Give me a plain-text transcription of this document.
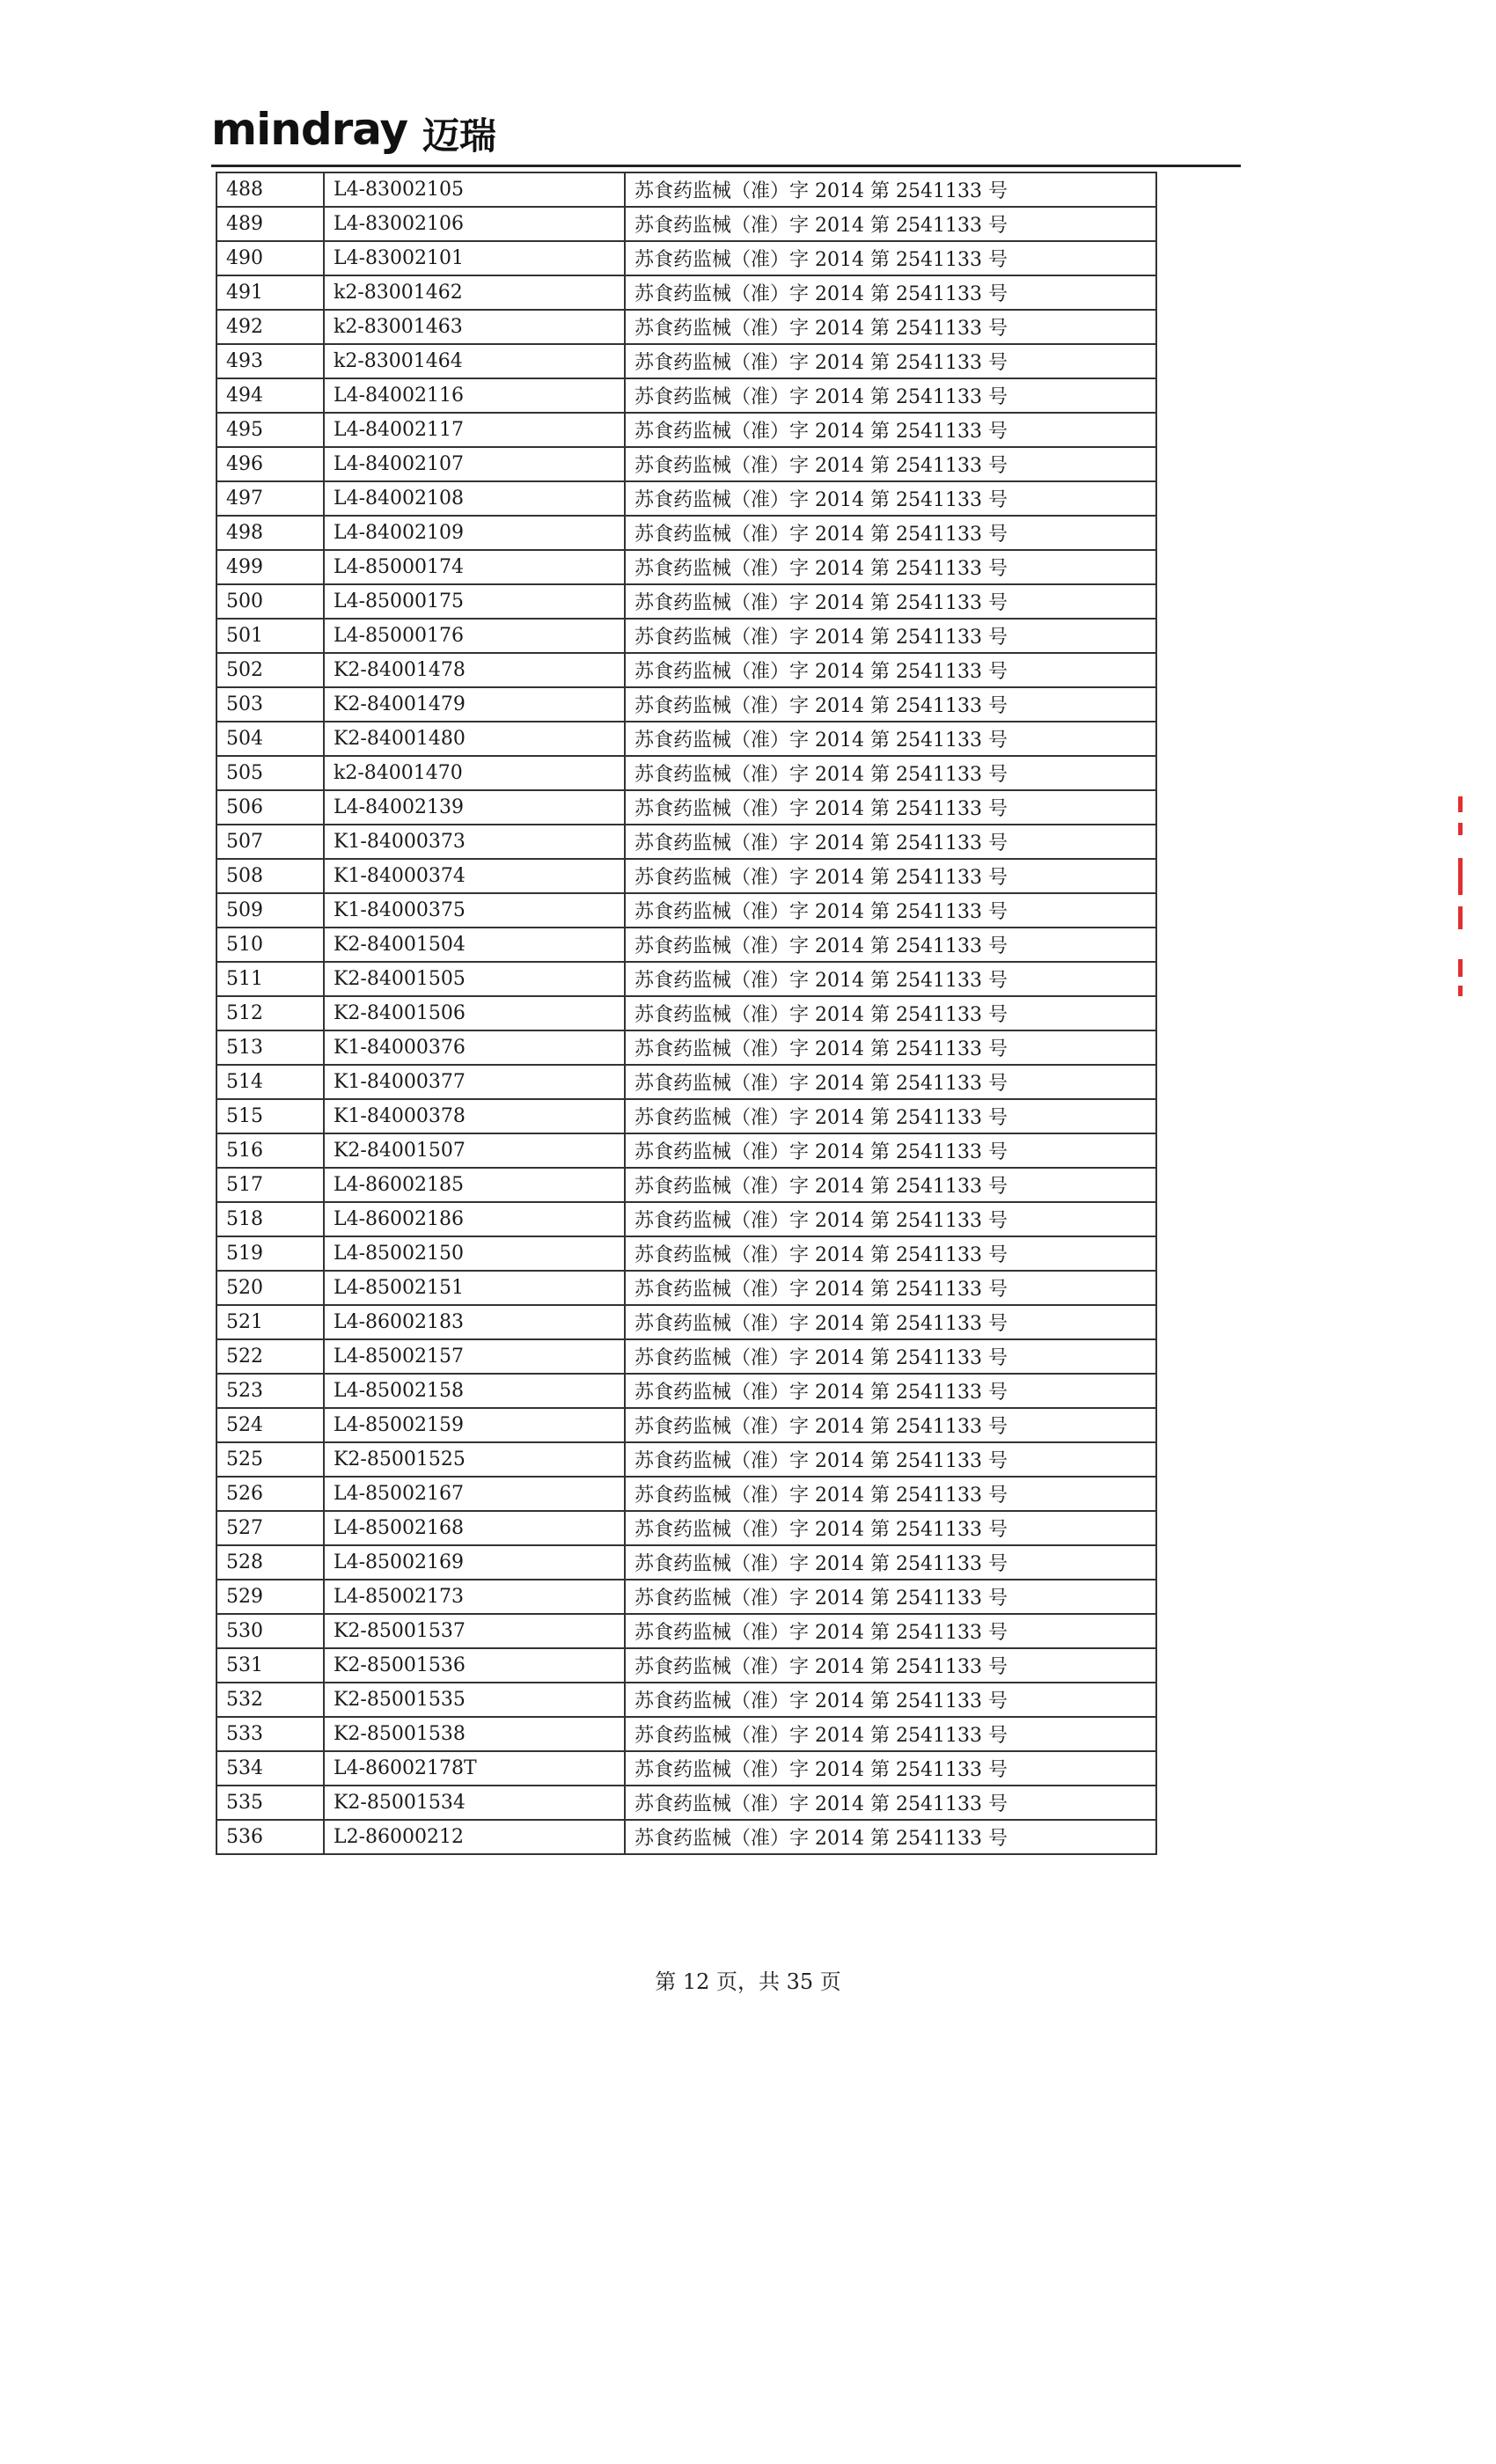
mindray 迈瑞
488	L4-83002105	苏食药监械（准）字 2014 第 2541133 号
489	L4-83002106	苏食药监械（准）字 2014 第 2541133 号
490	L4-83002101	苏食药监械（准）字 2014 第 2541133 号
491	k2-83001462	苏食药监械（准）字 2014 第 2541133 号
492	k2-83001463	苏食药监械（准）字 2014 第 2541133 号
493	k2-83001464	苏食药监械（准）字 2014 第 2541133 号
494	L4-84002116	苏食药监械（准）字 2014 第 2541133 号
495	L4-84002117	苏食药监械（准）字 2014 第 2541133 号
496	L4-84002107	苏食药监械（准）字 2014 第 2541133 号
497	L4-84002108	苏食药监械（准）字 2014 第 2541133 号
498	L4-84002109	苏食药监械（准）字 2014 第 2541133 号
499	L4-85000174	苏食药监械（准）字 2014 第 2541133 号
500	L4-85000175	苏食药监械（准）字 2014 第 2541133 号
501	L4-85000176	苏食药监械（准）字 2014 第 2541133 号
502	K2-84001478	苏食药监械（准）字 2014 第 2541133 号
503	K2-84001479	苏食药监械（准）字 2014 第 2541133 号
504	K2-84001480	苏食药监械（准）字 2014 第 2541133 号
505	k2-84001470	苏食药监械（准）字 2014 第 2541133 号
506	L4-84002139	苏食药监械（准）字 2014 第 2541133 号
507	K1-84000373	苏食药监械（准）字 2014 第 2541133 号
508	K1-84000374	苏食药监械（准）字 2014 第 2541133 号
509	K1-84000375	苏食药监械（准）字 2014 第 2541133 号
510	K2-84001504	苏食药监械（准）字 2014 第 2541133 号
511	K2-84001505	苏食药监械（准）字 2014 第 2541133 号
512	K2-84001506	苏食药监械（准）字 2014 第 2541133 号
513	K1-84000376	苏食药监械（准）字 2014 第 2541133 号
514	K1-84000377	苏食药监械（准）字 2014 第 2541133 号
515	K1-84000378	苏食药监械（准）字 2014 第 2541133 号
516	K2-84001507	苏食药监械（准）字 2014 第 2541133 号
517	L4-86002185	苏食药监械（准）字 2014 第 2541133 号
518	L4-86002186	苏食药监械（准）字 2014 第 2541133 号
519	L4-85002150	苏食药监械（准）字 2014 第 2541133 号
520	L4-85002151	苏食药监械（准）字 2014 第 2541133 号
521	L4-86002183	苏食药监械（准）字 2014 第 2541133 号
522	L4-85002157	苏食药监械（准）字 2014 第 2541133 号
523	L4-85002158	苏食药监械（准）字 2014 第 2541133 号
524	L4-85002159	苏食药监械（准）字 2014 第 2541133 号
525	K2-85001525	苏食药监械（准）字 2014 第 2541133 号
526	L4-85002167	苏食药监械（准）字 2014 第 2541133 号
527	L4-85002168	苏食药监械（准）字 2014 第 2541133 号
528	L4-85002169	苏食药监械（准）字 2014 第 2541133 号
529	L4-85002173	苏食药监械（准）字 2014 第 2541133 号
530	K2-85001537	苏食药监械（准）字 2014 第 2541133 号
531	K2-85001536	苏食药监械（准）字 2014 第 2541133 号
532	K2-85001535	苏食药监械（准）字 2014 第 2541133 号
533	K2-85001538	苏食药监械（准）字 2014 第 2541133 号
534	L4-86002178T	苏食药监械（准）字 2014 第 2541133 号
535	K2-85001534	苏食药监械（准）字 2014 第 2541133 号
536	L2-86000212	苏食药监械（准）字 2014 第 2541133 号
第 12 页，共 35 页
